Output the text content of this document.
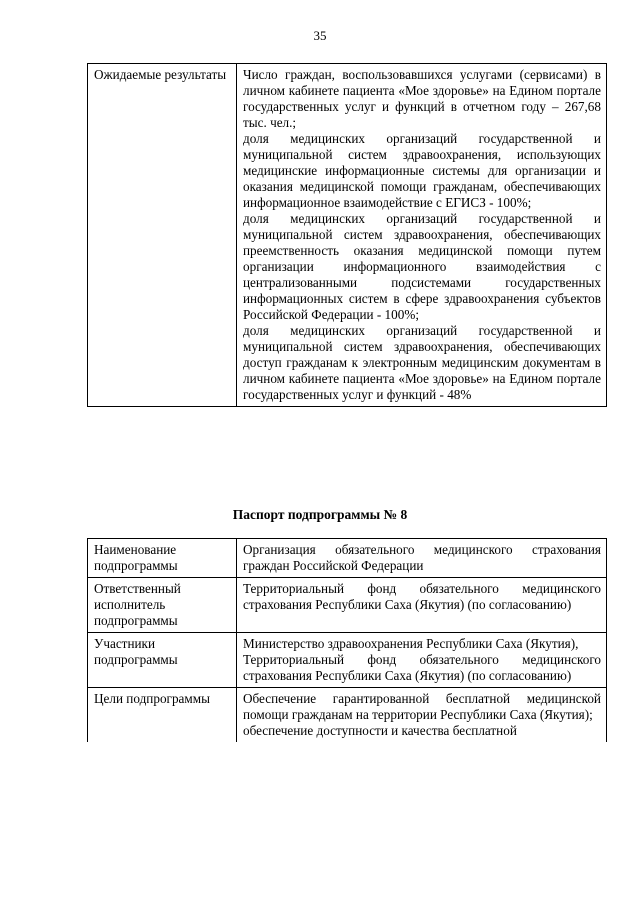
35
Ожидаемые результаты	Число граждан, воспользовавшихся услугами (сервисами) в личном кабинете пациента «Мое здоровье» на Едином портале государственных услуг и функций в отчетном году – 267,68 тыс. чел.;
доля медицинских организаций государственной и муниципальной систем здравоохранения, использующих медицинские информационные системы для организации и оказания медицинской помощи гражданам, обеспечивающих информационное взаимодействие с ЕГИСЗ - 100%;
доля медицинских организаций государственной и муниципальной систем здравоохранения, обеспечивающих преемственность оказания медицинской помощи путем организации информационного взаимодействия с централизованными подсистемами государственных информационных систем в сфере здравоохранения субъектов Российской Федерации - 100%;
доля медицинских организаций государственной и муниципальной систем здравоохранения, обеспечивающих доступ гражданам к электронным медицинским документам в личном кабинете пациента «Мое здоровье» на Едином портале государственных услуг и функций - 48%
Паспорт подпрограммы № 8
Наименование подпрограммы	Организация обязательного медицинского страхования граждан Российской Федерации

Ответственный исполнитель подпрограммы	Территориальный фонд обязательного медицинского страхования Республики Саха (Якутия) (по согласованию)

Участники подпрограммы	Министерство здравоохранения Республики Саха (Якутия),
Территориальный фонд обязательного медицинского страхования Республики Саха (Якутия) (по согласованию)

Цели подпрограммы	Обеспечение гарантированной бесплатной медицинской помощи гражданам на территории Республики Саха (Якутия);
обеспечение доступности и качества бесплатной
